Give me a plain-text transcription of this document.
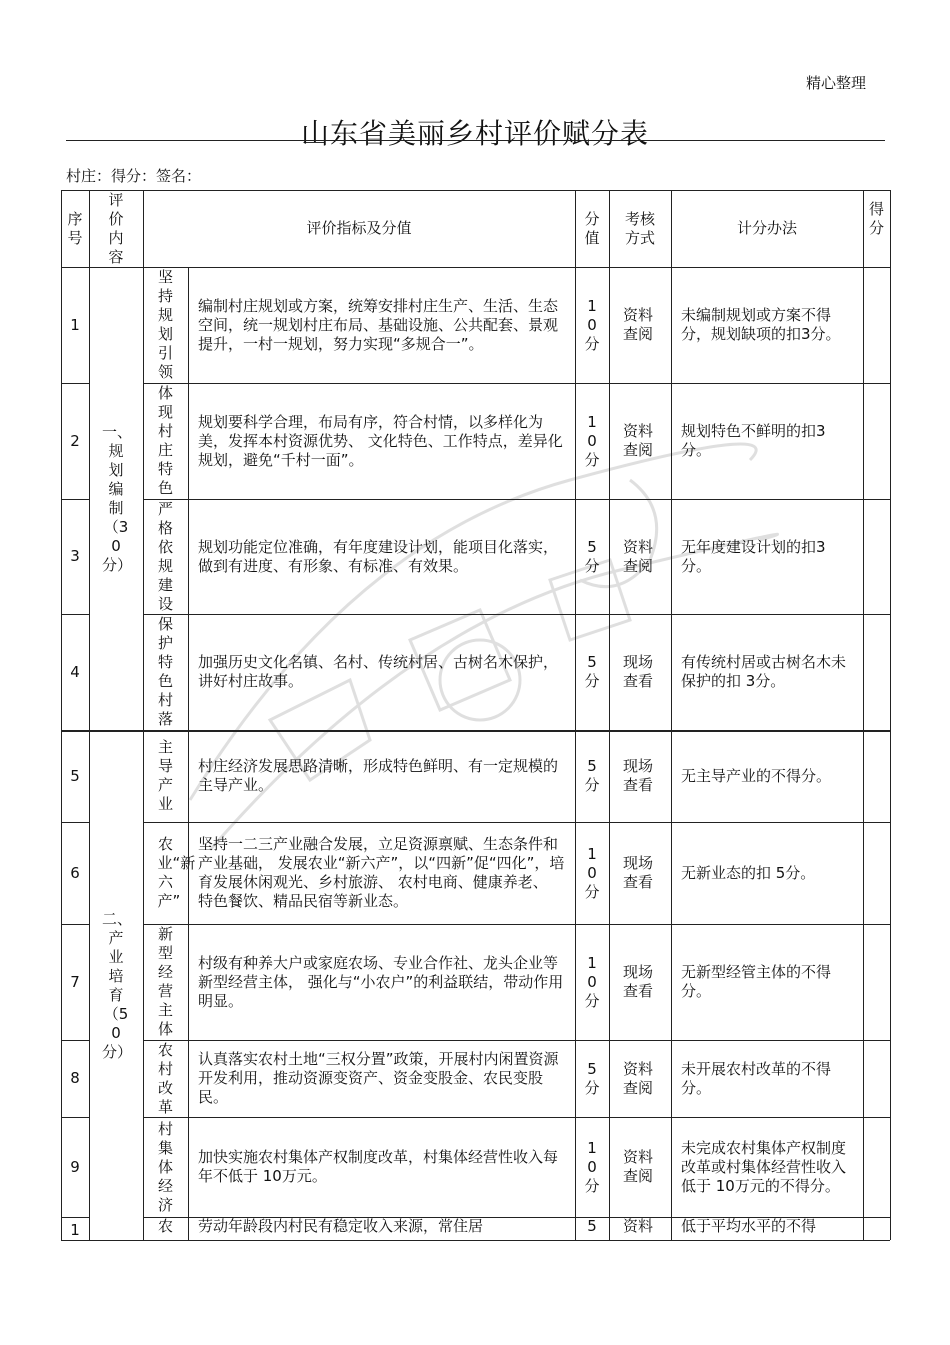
精心整理
山东省美丽乡村评价赋分表
村庄：得分：签名：
序号
评价内容
评价指标及分值
分值
考核方式
计分办法
得分
一、规划编制（30分）
二、产业培育（50分）
1
坚持规划引领
编制村庄规划或方案，统筹安排村庄生产、生活、生态空间，统一规划村庄布局、基础设施、公共配套、景观提升，一村一规划，努力实现“多规合一”。
10分
资料查阅
未编制规划或方案不得分，规划缺项的扣3分。
2
体现村庄特色
规划要科学合理，布局有序，符合村情，以多样化为美，发挥本村资源优势、 文化特色、工作特点，差异化规划，避免“千村一面”。
10分
资料查阅
规划特色不鲜明的扣3分。
3
严格依规建设
规划功能定位准确，有年度建设计划，能项目化落实，做到有进度、有形象、有标准、有效果。
5分
资料查阅
无年度建设计划的扣3分。
4
保护特色村落
加强历史文化名镇、名村、传统村居、古树名木保护，讲好村庄故事。
5分
现场查看
有传统村居或古树名木未保护的扣 3分。
5
主导产业
村庄经济发展思路清晰，形成特色鲜明、有一定规模的主导产业。
5分
现场查看
无主导产业的不得分。
6
农业“新六产”
坚持一二三产业融合发展，立足资源禀赋、生态条件和产业基础， 发展农业“新六产”，以“四新”促“四化”，培育发展休闲观光、乡村旅游、 农村电商、健康养老、 特色餐饮、精品民宿等新业态。
10分
现场查看
无新业态的扣 5分。
7
新型经营主体
村级有种养大户或家庭农场、专业合作社、龙头企业等新型经营主体， 强化与“小农户”的利益联结，带动作用明显。
10分
现场查看
无新型经管主体的不得分。
8
农村改革
认真落实农村土地“三权分置”政策，开展村内闲置资源开发利用，推动资源变资产、资金变股金、农民变股民。
5分
资料查阅
未开展农村改革的不得分。
9
村集体经济
加快实施农村集体产权制度改革，村集体经营性收入每年不低于 10万元。
10分
资料查阅
未完成农村集体产权制度改革或村集体经营性收入低于 10万元的不得分。
1	农 劳动年龄段内村民有稳定收入来源，常住居	5 资料 低于平均水平的不得
